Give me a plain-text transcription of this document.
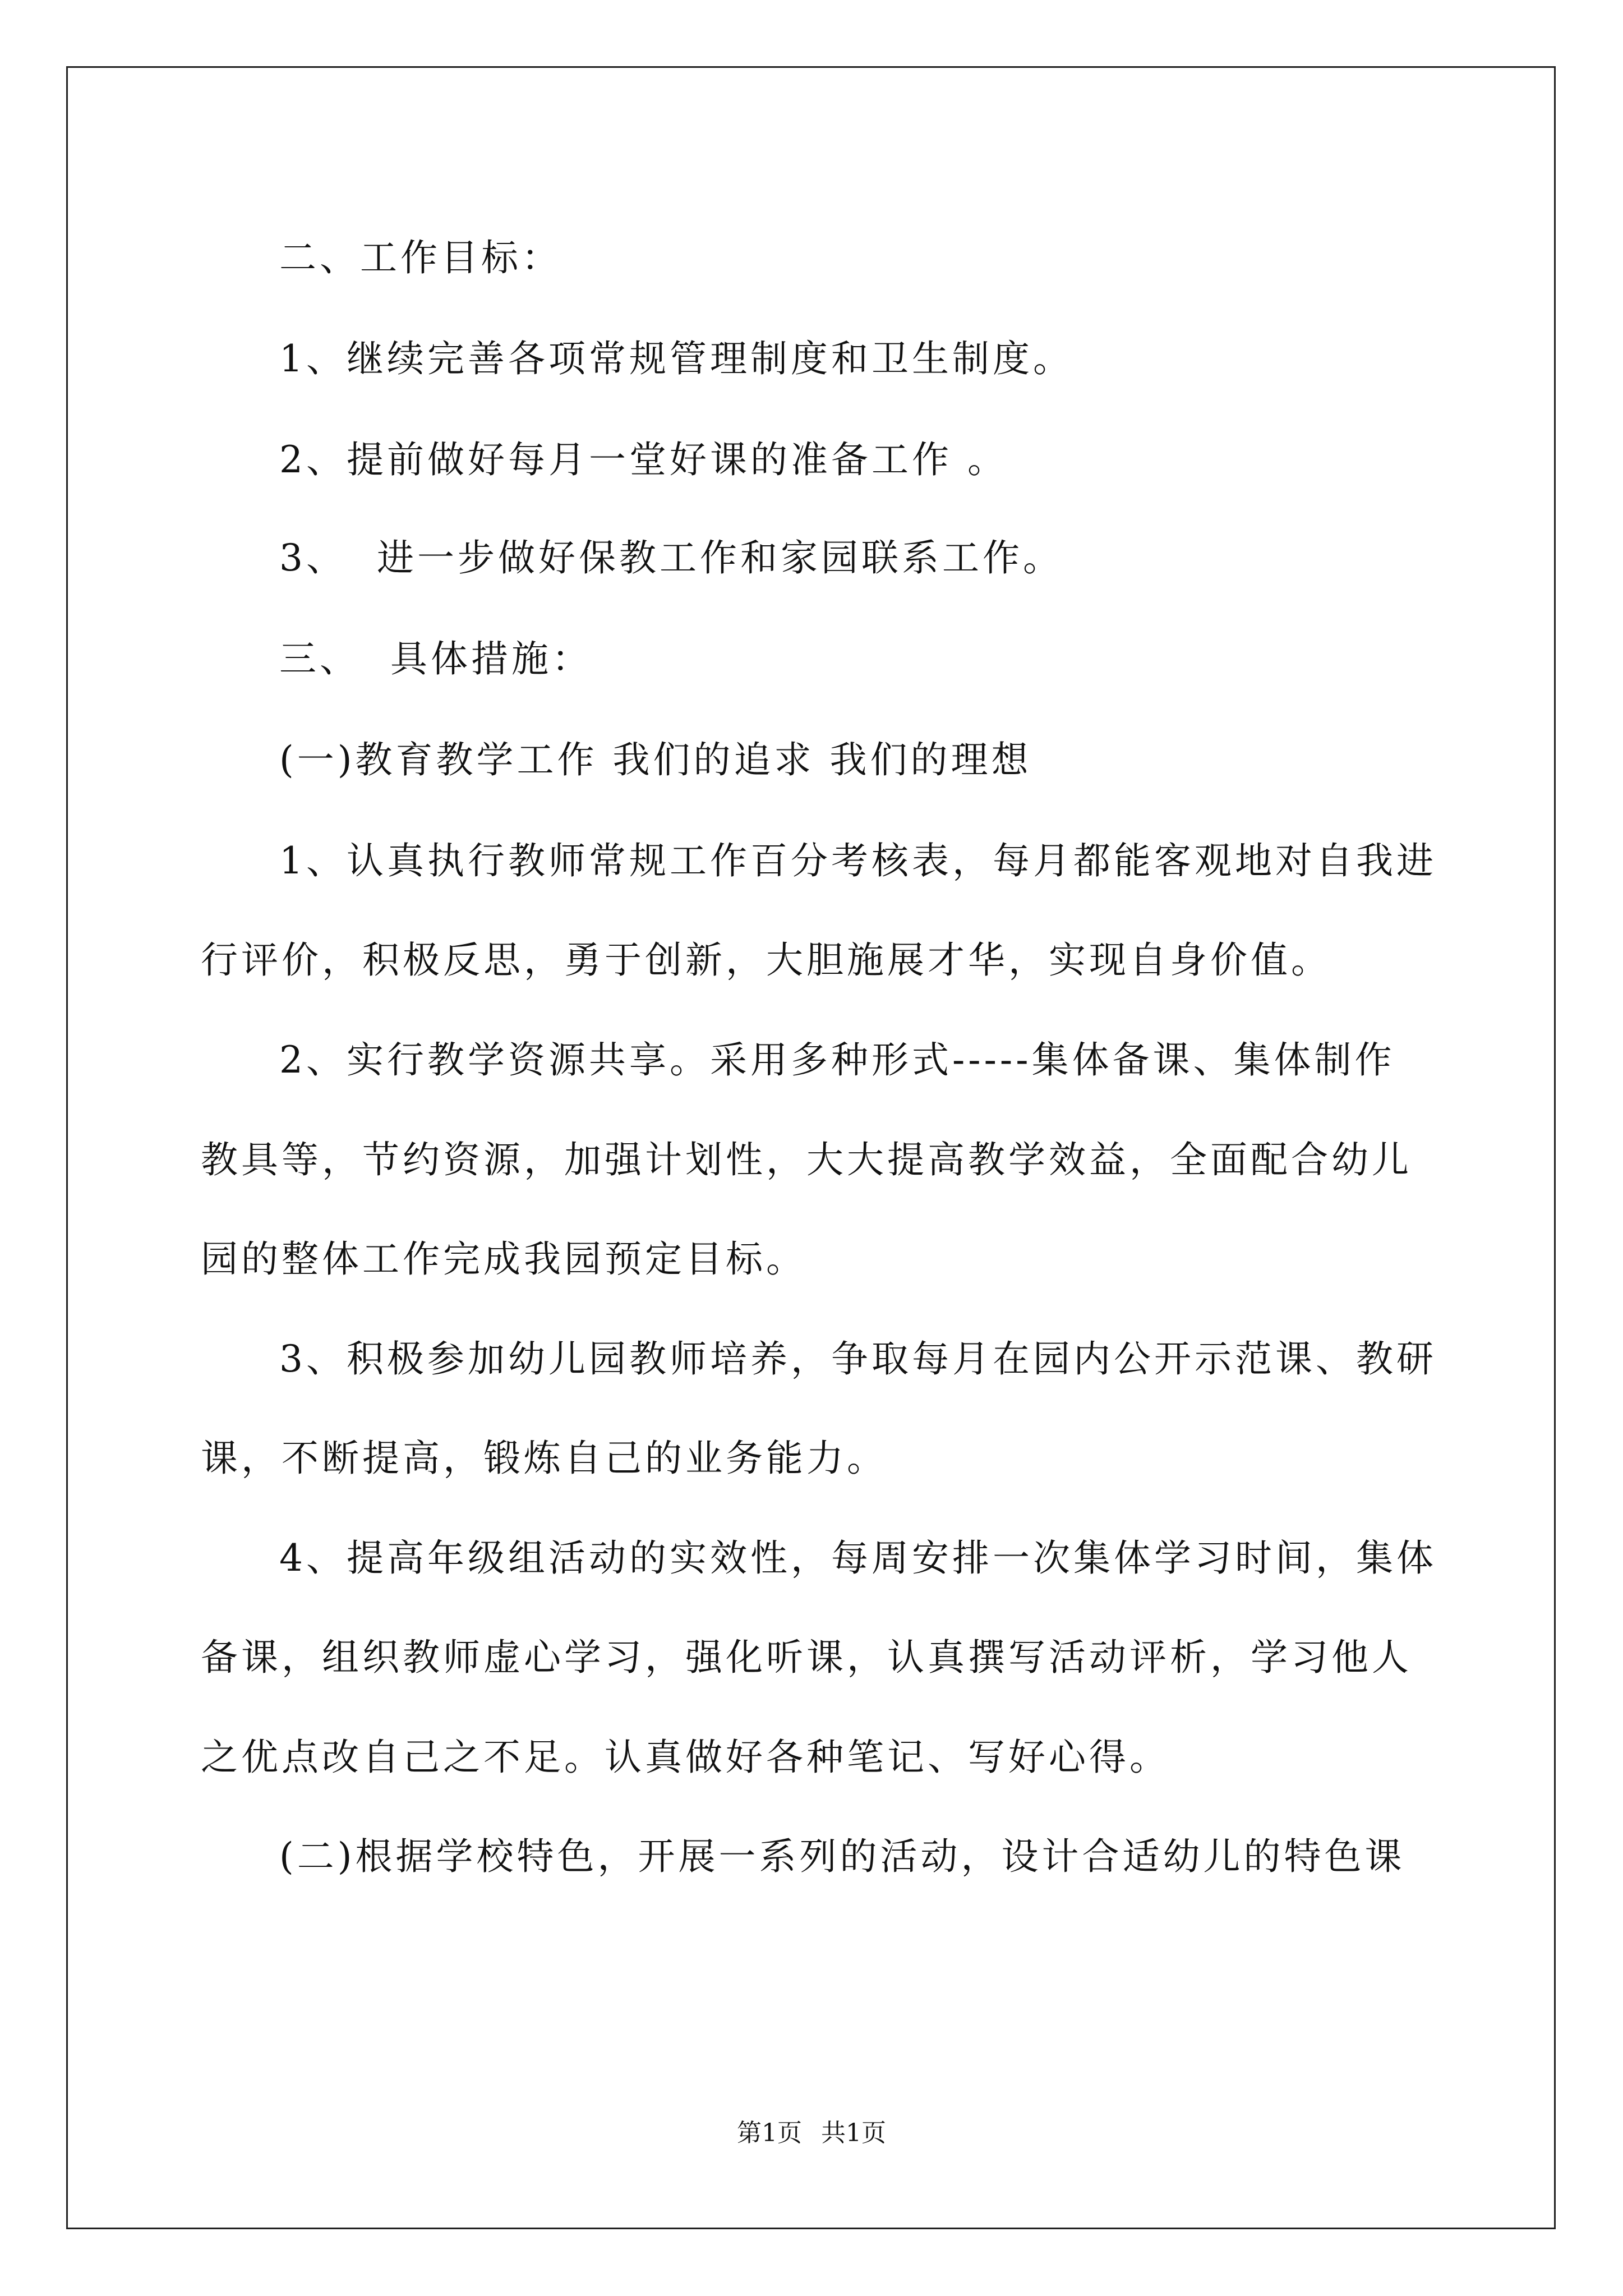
二、工作目标：
1、继续完善各项常规管理制度和卫生制度。
2、提前做好每月一堂好课的准备工作 。
3、  进一步做好保教工作和家园联系工作。
三、  具体措施：
(一)教育教学工作 我们的追求 我们的理想
1、认真执行教师常规工作百分考核表，每月都能客观地对自我进
行评价，积极反思，勇于创新，大胆施展才华，实现自身价值。
2、实行教学资源共享。采用多种形式-----集体备课、集体制作
教具等，节约资源，加强计划性，大大提高教学效益，全面配合幼儿
园的整体工作完成我园预定目标。
3、积极参加幼儿园教师培养，争取每月在园内公开示范课、教研
课，不断提高，锻炼自己的业务能力。
4、提高年级组活动的实效性，每周安排一次集体学习时间，集体
备课，组织教师虚心学习，强化听课，认真撰写活动评析，学习他人
之优点改自己之不足。认真做好各种笔记、写好心得。
(二)根据学校特色，开展一系列的活动，设计合适幼儿的特色课
第1页 共1页
